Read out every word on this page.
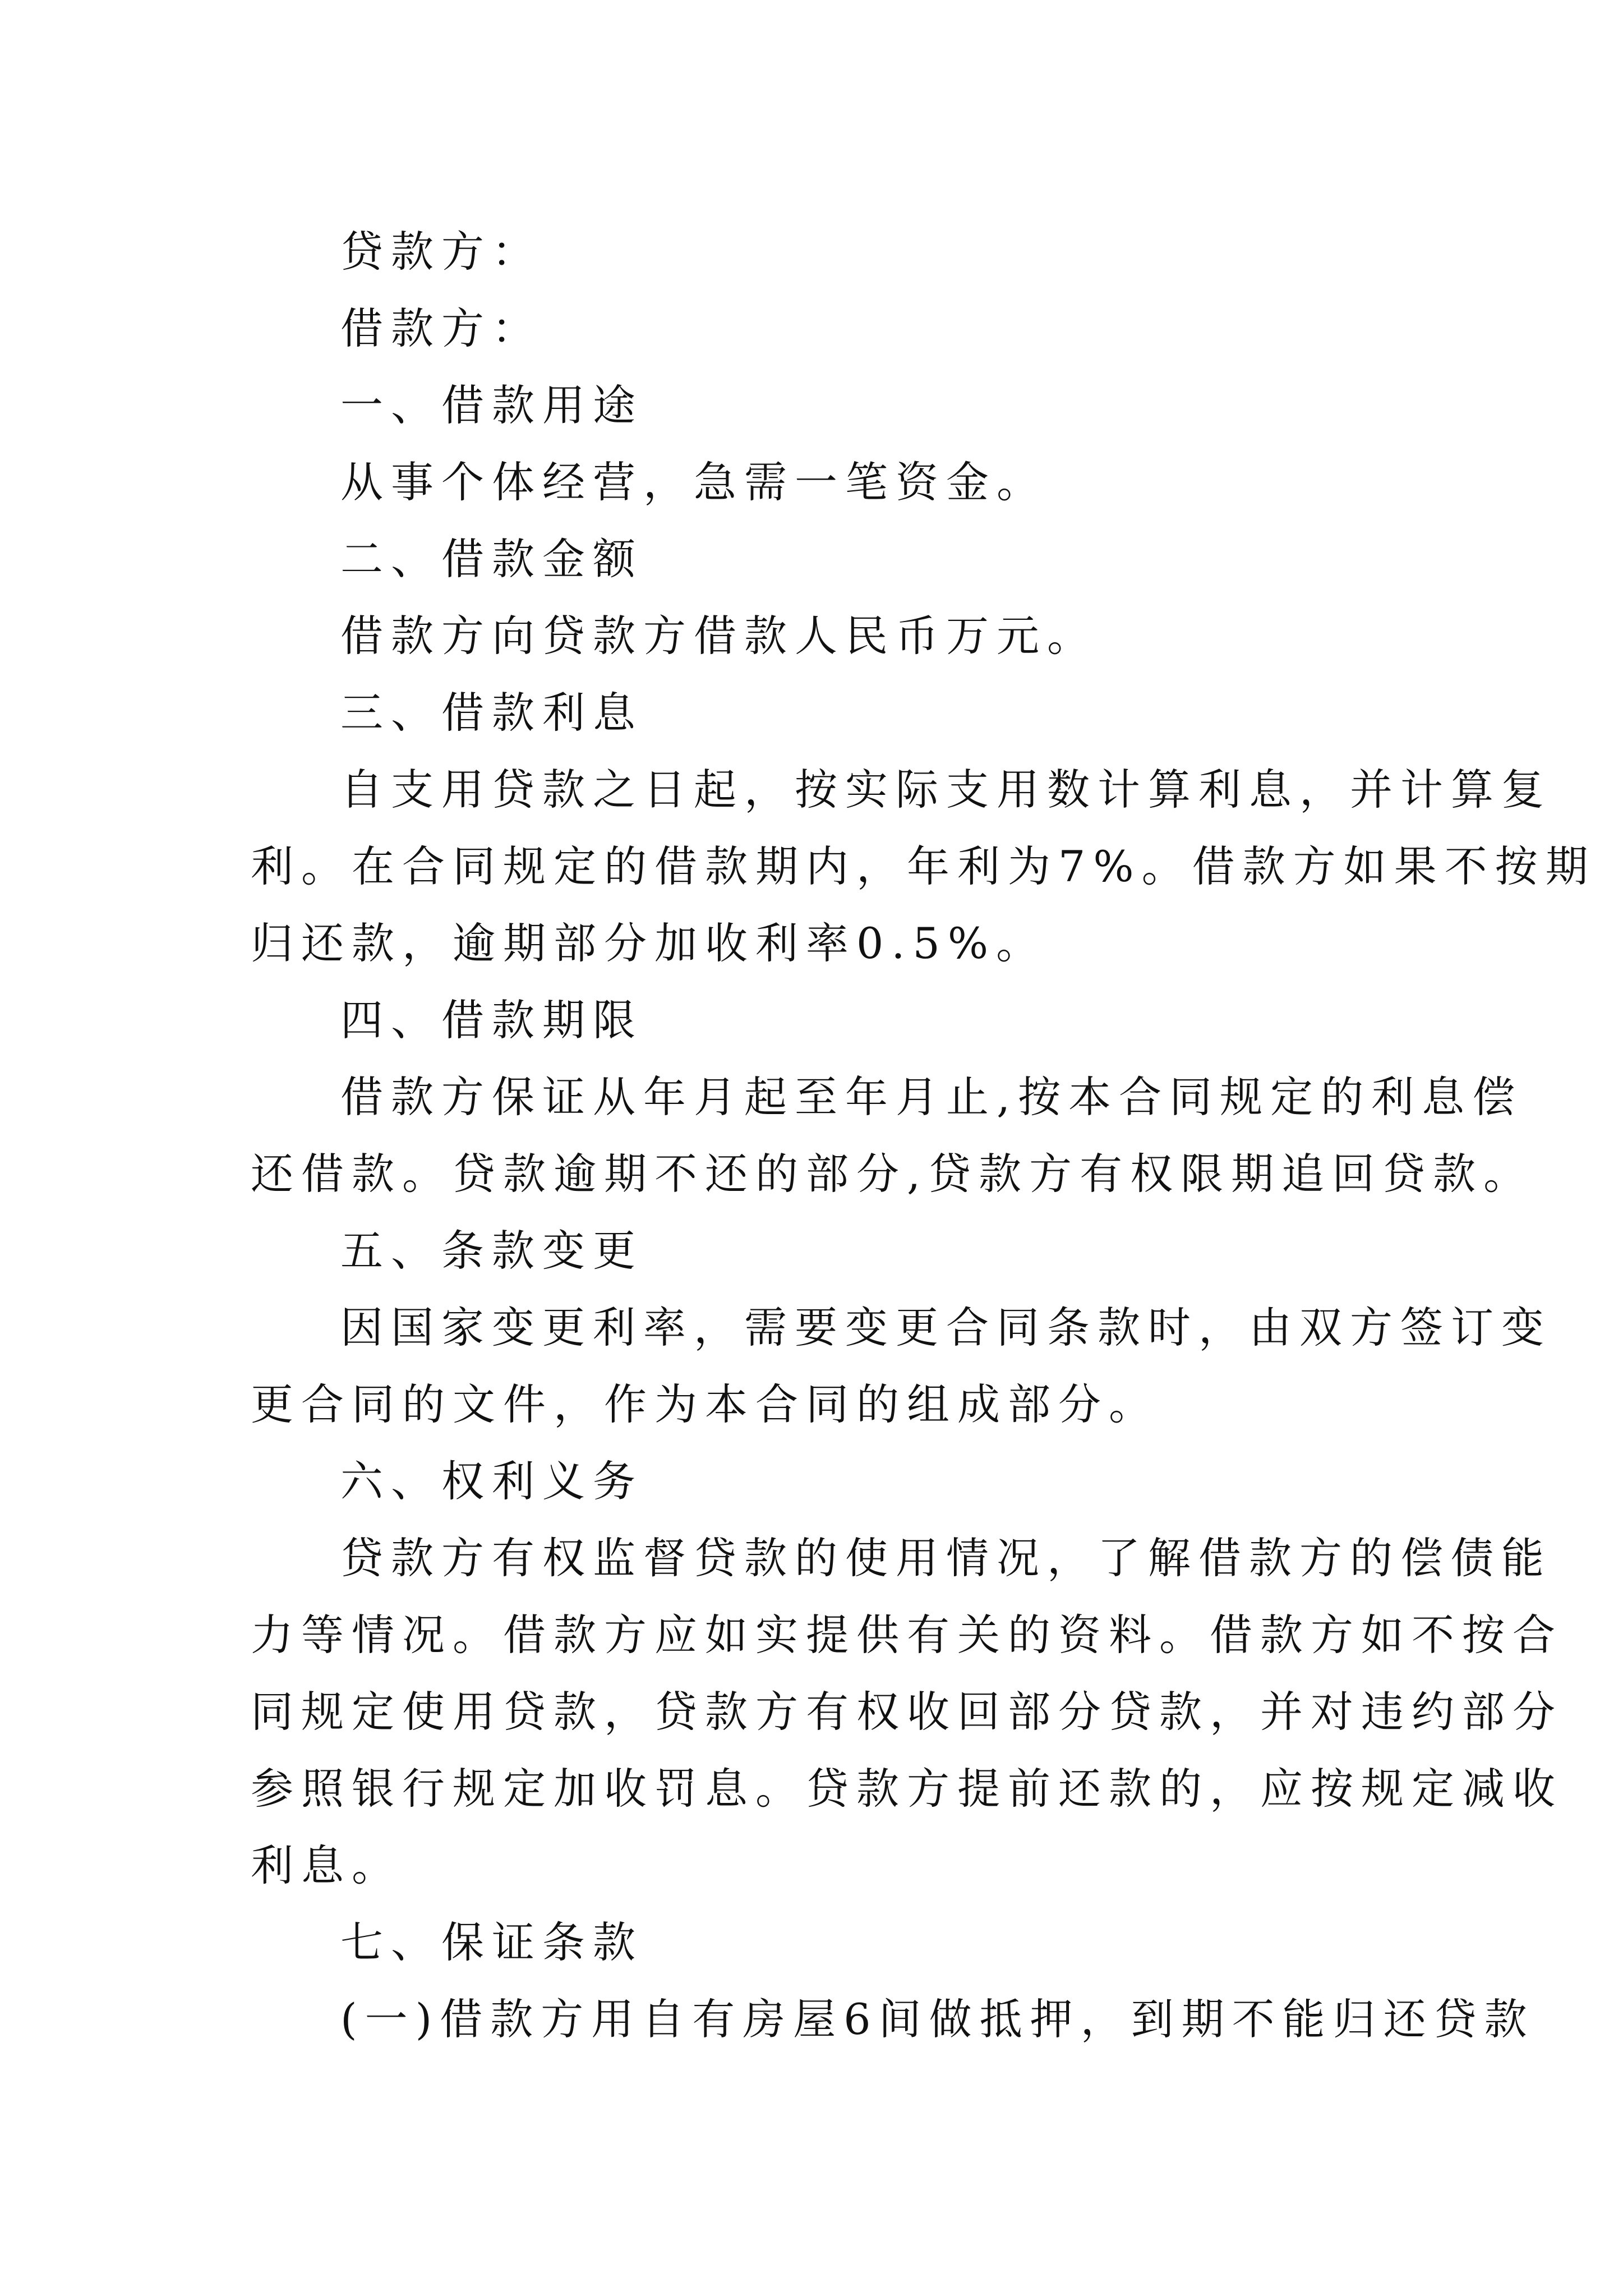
贷款方：
借款方：
一、借款用途
从事个体经营，急需一笔资金。
二、借款金额
借款方向贷款方借款人民币万元。
三、借款利息
自支用贷款之日起，按实际支用数计算利息，并计算复
利。在合同规定的借款期内，年利为7%。借款方如果不按期
归还款，逾期部分加收利率0.5%。
四、借款期限
借款方保证从年月起至年月止,按本合同规定的利息偿
还借款。贷款逾期不还的部分,贷款方有权限期追回贷款。
五、条款变更
因国家变更利率，需要变更合同条款时，由双方签订变
更合同的文件，作为本合同的组成部分。
六、权利义务
贷款方有权监督贷款的使用情况，了解借款方的偿债能
力等情况。借款方应如实提供有关的资料。借款方如不按合
同规定使用贷款，贷款方有权收回部分贷款，并对违约部分
参照银行规定加收罚息。贷款方提前还款的，应按规定减收
利息。
七、保证条款
(一)借款方用自有房屋6间做抵押，到期不能归还贷款
